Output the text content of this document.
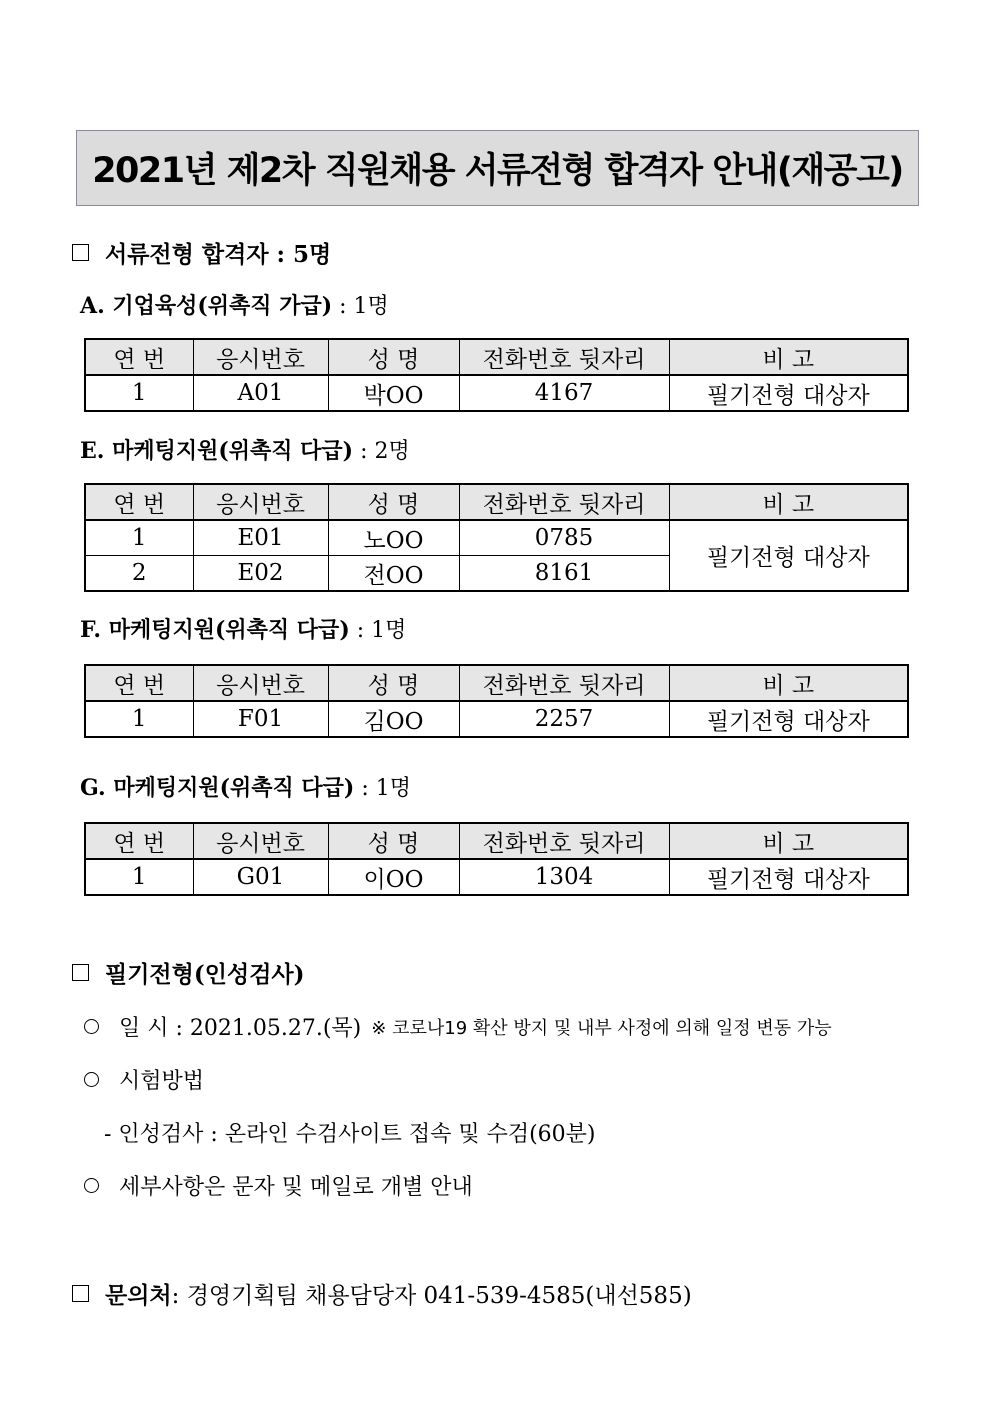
2021년 제2차 직원채용 서류전형 합격자 안내(재공고)
서류전형 합격자 : 5명
A. 기업육성(위촉직 가급) : 1명
연 번	응시번호	성 명	전화번호 뒷자리	비 고
1	A01	박OO	4167	필기전형 대상자
E. 마케팅지원(위촉직 다급) : 2명
연 번	응시번호	성 명	전화번호 뒷자리	비 고
1	E01	노OO	0785	필기전형 대상자
2	E02	전OO	8161	
F. 마케팅지원(위촉직 다급) : 1명
연 번	응시번호	성 명	전화번호 뒷자리	비 고
1	F01	김OO	2257	필기전형 대상자
G. 마케팅지원(위촉직 다급) : 1명
연 번	응시번호	성 명	전화번호 뒷자리	비 고
1	G01	이OO	1304	필기전형 대상자
필기전형(인성검사)
일 시 : 2021.05.27.(목) ※ 코로나19 확산 방지 및 내부 사정에 의해 일정 변동 가능
시험방법
- 인성검사 : 온라인 수검사이트 접속 및 수검(60분)
세부사항은 문자 및 메일로 개별 안내
문의처 : 경영기획팀 채용담당자 041-539-4585(내선585)
